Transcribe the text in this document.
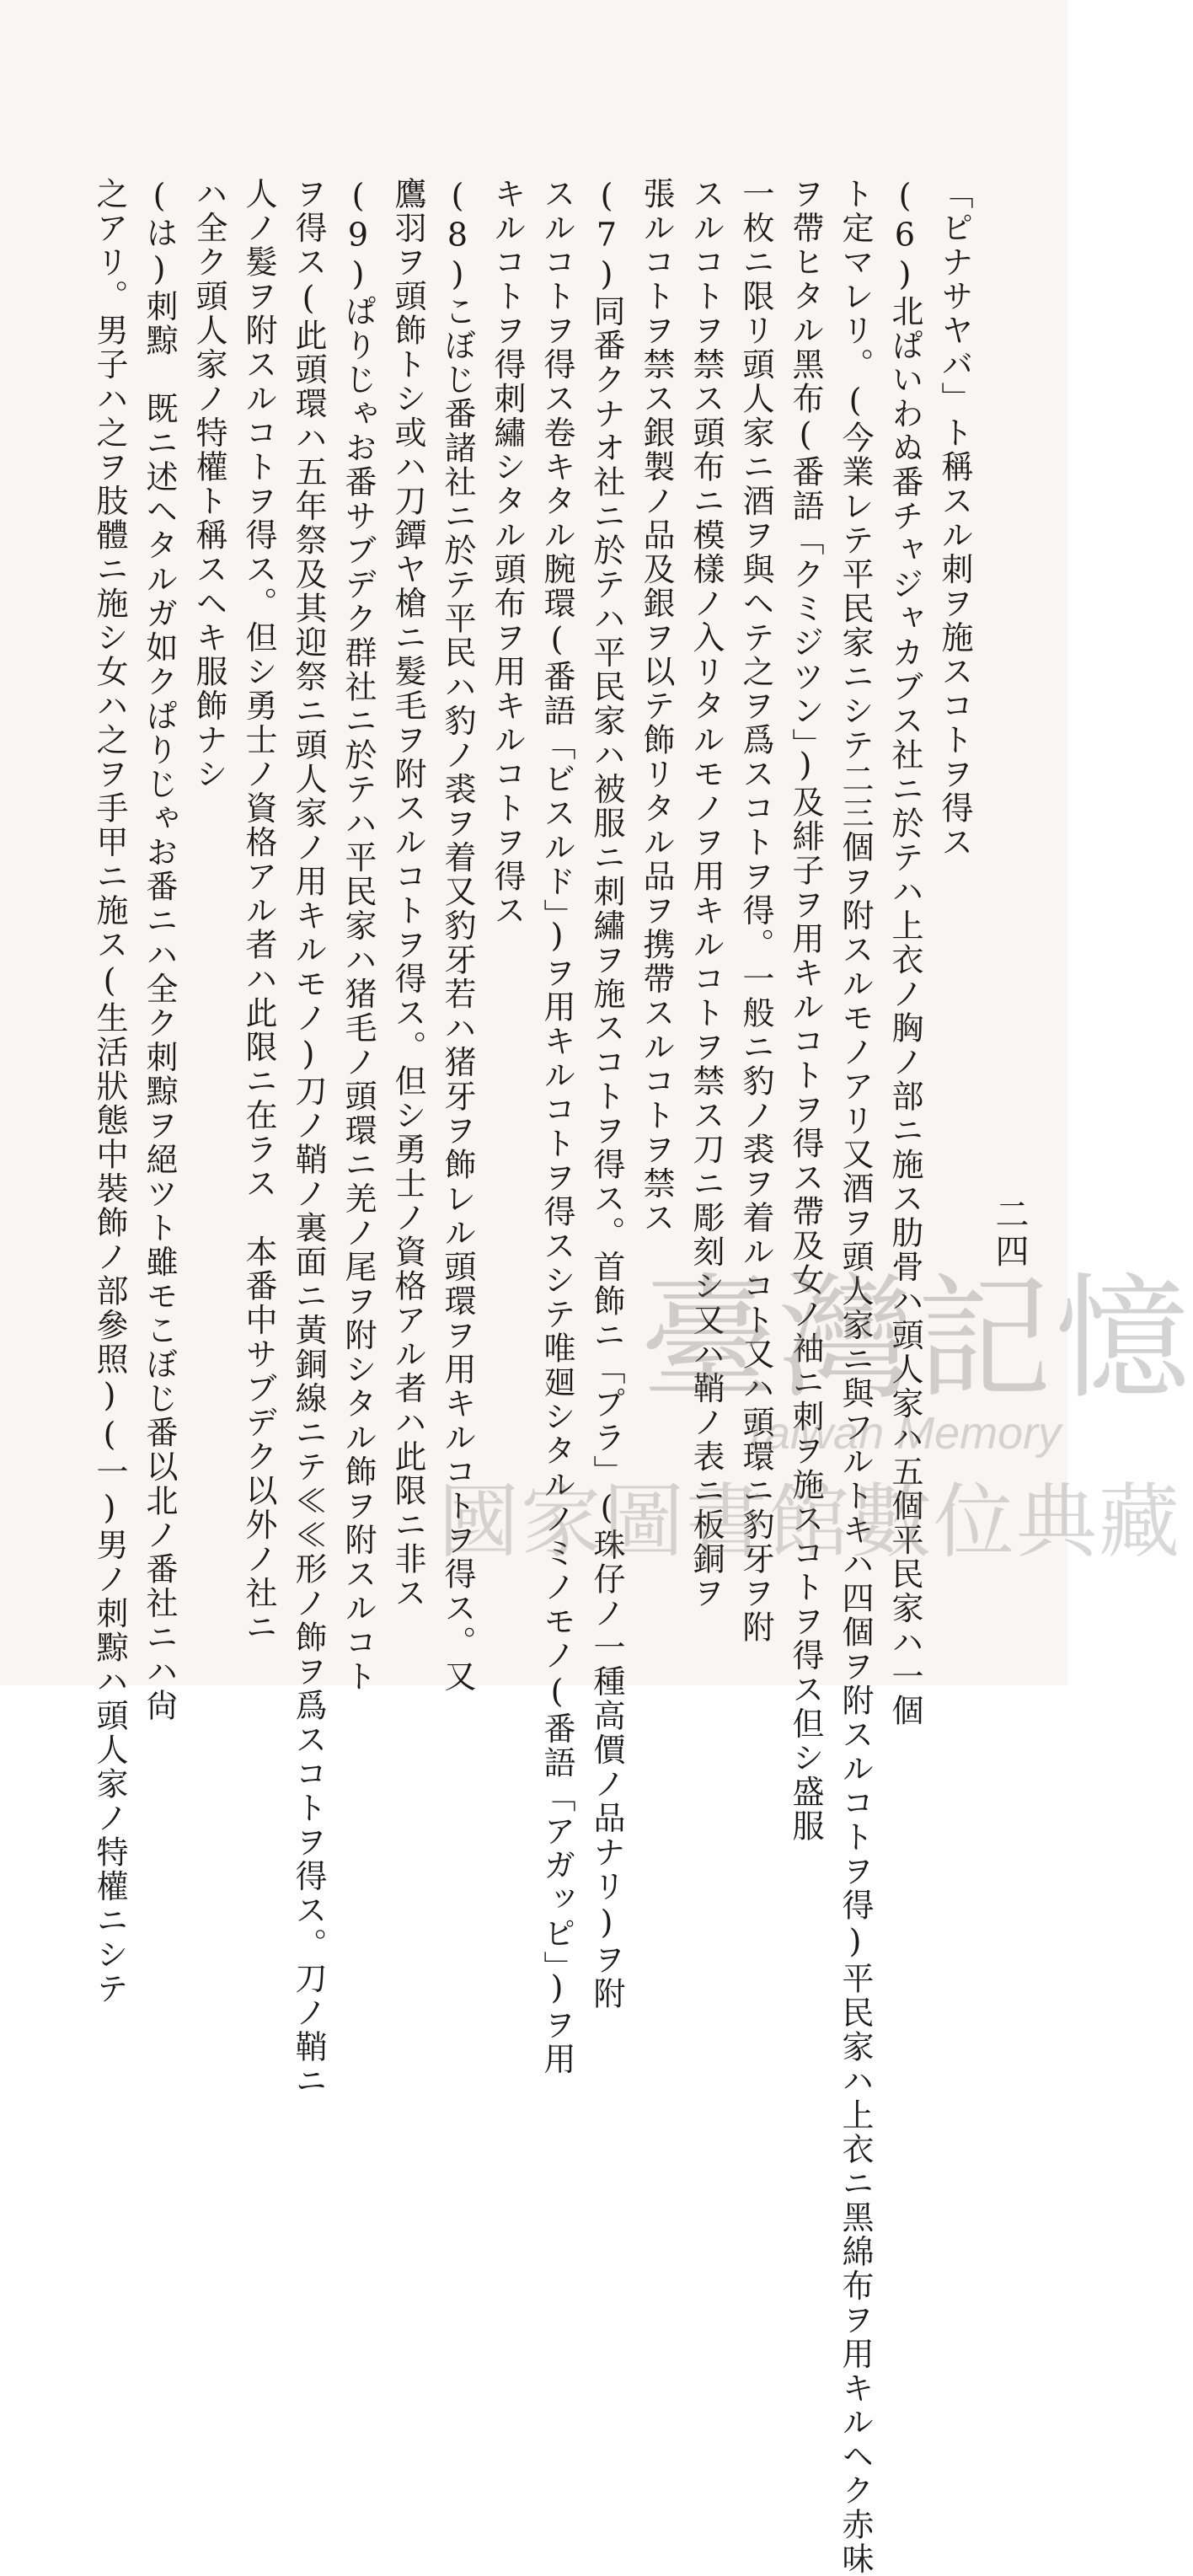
二四
「ピナサヤバ」ト稱スル刺ヲ施スコトヲ得ス
(6)北ぱいわぬ番チャジャカブス社ニ於テハ上衣ノ胸ノ部ニ施ス肋骨ハ頭人家ハ五個平民家ハ一個
ト定マレリ。(今業レテ平民家ニシテ二三個ヲ附スルモノアリ又酒ヲ頭人家ニ與フルトキハ四個ヲ附スルコトヲ得)平民家ハ上衣ニ黑綿布ヲ用キルヘク赤味
ヲ帶ヒタル黑布(番語「クミジツン」)及緋子ヲ用キルコトヲ得ス帶及女ノ袖ニ刺ヲ施スコトヲ得ス但シ盛服
一枚ニ限リ頭人家ニ酒ヲ與ヘテ之ヲ爲スコトヲ得。一般ニ豹ノ裘ヲ着ルコト又ハ頭環ニ豹牙ヲ附
スルコトヲ禁ス頭布ニ模樣ノ入リタルモノヲ用キルコトヲ禁ス刀ニ彫刻シ又ハ鞘ノ表ニ板銅ヲ
張ルコトヲ禁ス銀製ノ品及銀ヲ以テ飾リタル品ヲ携帶スルコトヲ禁ス
(7)同番クナオ社ニ於テハ平民家ハ被服ニ刺繡ヲ施スコトヲ得ス。首飾ニ「プラ」(珠仔ノ一種高價ノ品ナリ)ヲ附
スルコトヲ得ス卷キタル腕環(番語「ビスルド」)ヲ用キルコトヲ得スシテ唯廻シタルノミノモノ(番語「アガッピ」)ヲ用
キルコトヲ得刺繡シタル頭布ヲ用キルコトヲ得ス
(8)こぼじ番諸社ニ於テ平民ハ豹ノ裘ヲ着又豹牙若ハ猪牙ヲ飾レル頭環ヲ用キルコトヲ得ス。又
鷹羽ヲ頭飾トシ或ハ刀鐔ヤ槍ニ髮毛ヲ附スルコトヲ得ス。但シ勇士ノ資格アル者ハ此限ニ非ス
(9)ぱりじゃお番サブデク群社ニ於テハ平民家ハ猪毛ノ頭環ニ羌ノ尾ヲ附シタル飾ヲ附スルコト
ヲ得ス(此頭環ハ五年祭及其迎祭ニ頭人家ノ用キルモノ)刀ノ鞘ノ裏面ニ黃銅線ニテ≪≪形ノ飾ヲ爲スコトヲ得ス。刀ノ鞘ニ
人ノ髮ヲ附スルコトヲ得ス。但シ勇士ノ資格アル者ハ此限ニ在ラス　本番中サブデク以外ノ社ニ
ハ全ク頭人家ノ特權ト稱スヘキ服飾ナシ
(は)刺黥　既ニ述ヘタルガ如クぱりじゃお番ニハ全ク刺黥ヲ絕ツト雖モこぼじ番以北ノ番社ニハ尙
之アリ。男子ハ之ヲ肢體ニ施シ女ハ之ヲ手甲ニ施ス(生活狀態中裝飾ノ部參照)(一)男ノ刺黥ハ頭人家ノ特權ニシテ	臺灣記憶
Taiwan Memory
國家圖書館數位典藏
